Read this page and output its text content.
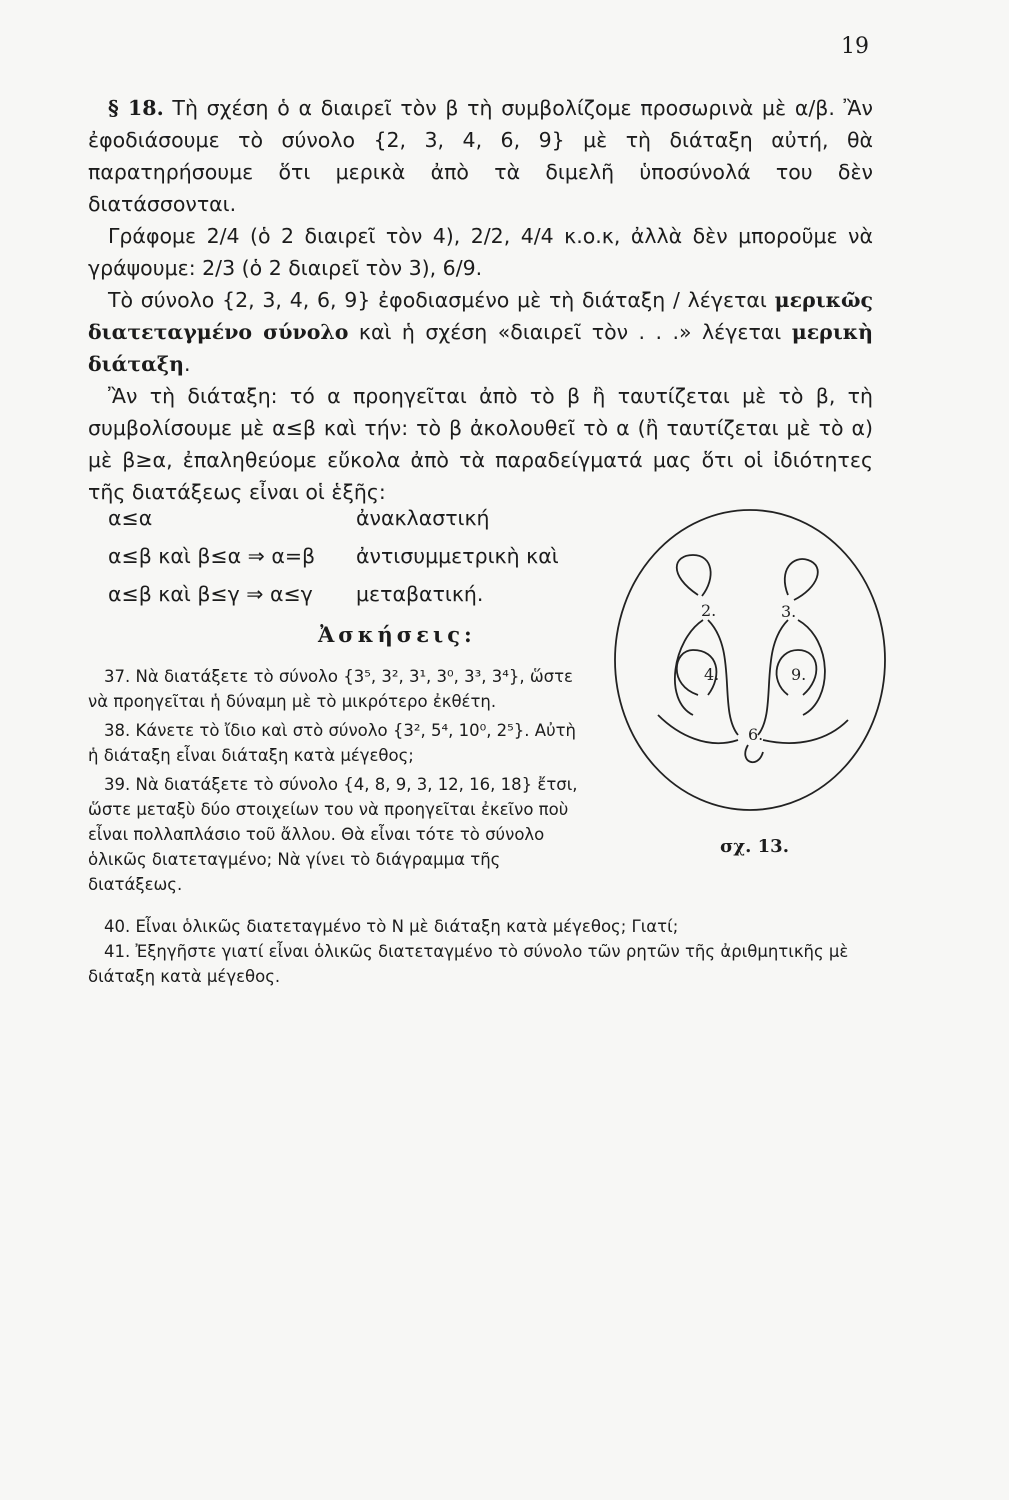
19

§ 18. Τὴ σχέση ὁ α διαιρεῖ τὸν β τὴ συμβολίζομε προσωρινὰ μὲ α/β. Ἂν ἐφοδιάσουμε τὸ σύνολο {2, 3, 4, 6, 9} μὲ τὴ διάταξη αὐτή, θὰ παρατηρήσουμε ὅτι μερικὰ ἀπὸ τὰ διμελῆ ὑποσύνολά του δὲν διατάσσονται.

Γράφομε 2/4 (ὁ 2 διαιρεῖ τὸν 4), 2/2, 4/4 κ.ο.κ, ἀλλὰ δὲν μποροῦμε νὰ γράψουμε: 2/3 (ὁ 2 διαιρεῖ τὸν 3), 6/9.

Τὸ σύνολο {2, 3, 4, 6, 9} ἐφοδιασμένο μὲ τὴ διάταξη / λέγεται μερικῶς διατεταγμένο σύνολο καὶ ἡ σχέση «διαιρεῖ τὸν . . .» λέγεται μερικὴ διάταξη.

Ἂν τὴ διάταξη: τό α προηγεῖται ἀπὸ τὸ β ἢ ταυτίζεται μὲ τὸ β, τὴ συμβολίσουμε μὲ α≤β καὶ τήν: τὸ β ἀκολουθεῖ τὸ α (ἢ ταυτίζεται μὲ τὸ α) μὲ β≥α, ἐπαληθεύομε εὔκολα ἀπὸ τὰ παραδείγματά μας ὅτι οἱ ἰδιότητες τῆς διατάξεως εἶναι οἱ ἑξῆς:

α≤α	ἀνακλαστική
α≤β καὶ β≤α ⇒ α=β ἀντισυμμετρικὴ καὶ
α≤β καὶ β≤γ ⇒ α≤γ μεταβατική.
Ἀσκήσεις:

37. Νὰ διατάξετε τὸ σύνολο {3⁵, 3², 3¹, 3⁰, 3³, 3⁴}, ὥστε νὰ προηγεῖται ἡ δύναμη μὲ τὸ μικρότερο ἐκθέτη.

38. Κάνετε τὸ ἴδιο καὶ στὸ σύνολο {3², 5⁴, 10⁰, 2⁵}. Αὐτὴ ἡ διάταξη εἶναι διάταξη κατὰ μέγεθος;

39. Νὰ διατάξετε τὸ σύνολο {4, 8, 9, 3, 12, 16, 18} ἔτσι, ὥστε μεταξὺ δύο στοιχείων του νὰ προηγεῖται ἐκεῖνο ποὺ εἶναι πολλαπλάσιο τοῦ ἄλλου. Θὰ εἶναι τότε τὸ σύνολο ὁλικῶς διατεταγμένο; Νὰ γίνει τὸ διάγραμμα τῆς διατάξεως.

40. Εἶναι ὁλικῶς διατεταγμένο τὸ N μὲ διάταξη κατὰ μέγεθος; Γιατί;

41. Ἐξηγῆστε γιατί εἶναι ὁλικῶς διατεταγμένο τὸ σύνολο τῶν ρητῶν τῆς ἀριθμητικῆς μὲ διάταξη κατὰ μέγεθος.

2.	3.
4.	9.
6.
σχ. 13.
